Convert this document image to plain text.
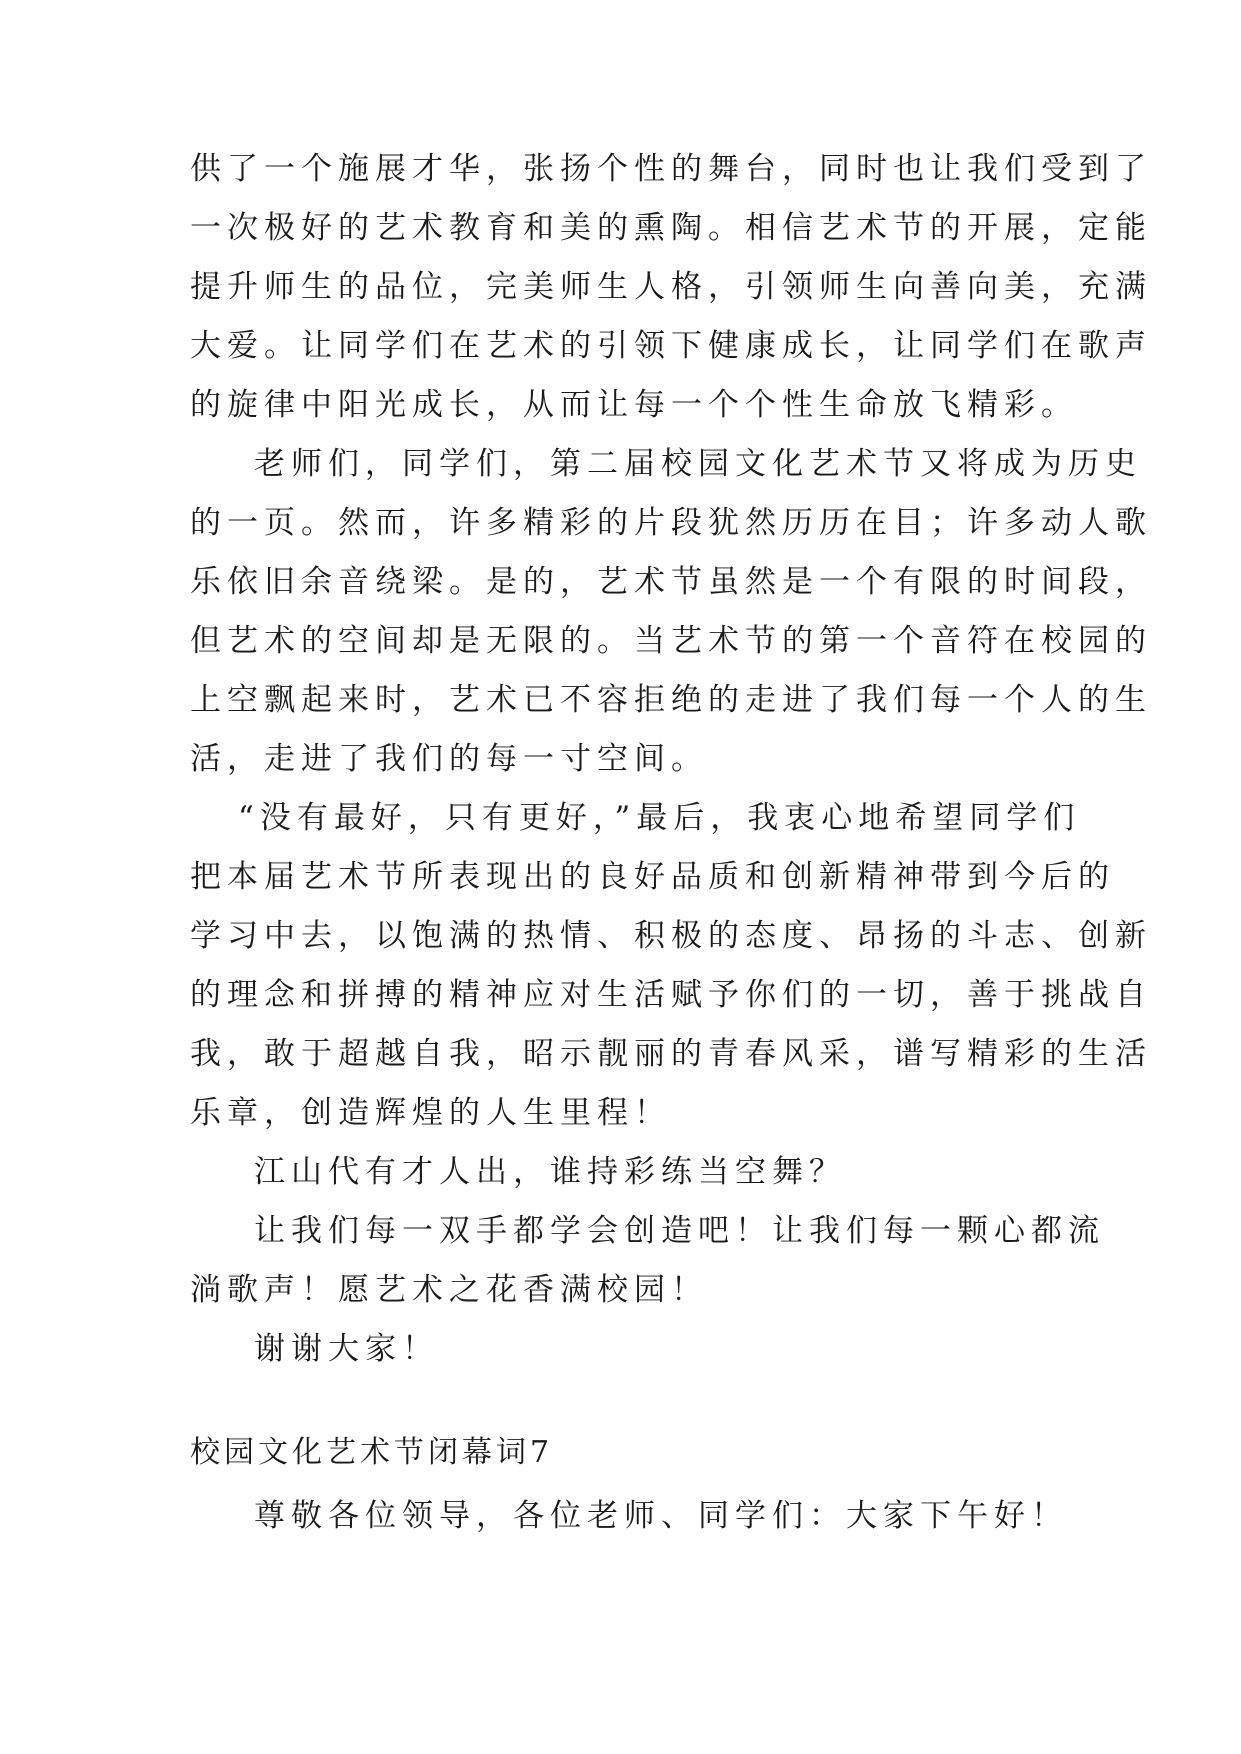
供了一个施展才华，张扬个性的舞台，同时也让我们受到了
一次极好的艺术教育和美的熏陶。相信艺术节的开展，定能
提升师生的品位，完美师生人格，引领师生向善向美，充满
大爱。让同学们在艺术的引领下健康成长，让同学们在歌声
的旋律中阳光成长，从而让每一个个性生命放飞精彩。

老师们，同学们，第二届校园文化艺术节又将成为历史
的一页。然而，许多精彩的片段犹然历历在目；许多动人歌
乐依旧余音绕梁。是的，艺术节虽然是一个有限的时间段，
但艺术的空间却是无限的。当艺术节的第一个音符在校园的
上空飘起来时，艺术已不容拒绝的走进了我们每一个人的生
活，走进了我们的每一寸空间。

“没有最好，只有更好，”最后，我衷心地希望同学们
把本届艺术节所表现出的良好品质和创新精神带到今后的
学习中去，以饱满的热情、积极的态度、昂扬的斗志、创新
的理念和拼搏的精神应对生活赋予你们的一切，善于挑战自
我，敢于超越自我，昭示靓丽的青春风采，谱写精彩的生活
乐章，创造辉煌的人生里程！

江山代有才人出，谁持彩练当空舞？

让我们每一双手都学会创造吧！让我们每一颗心都流
淌歌声！愿艺术之花香满校园！

谢谢大家！

校园文化艺术节闭幕词7
尊敬各位领导，各位老师、同学们：大家下午好！
